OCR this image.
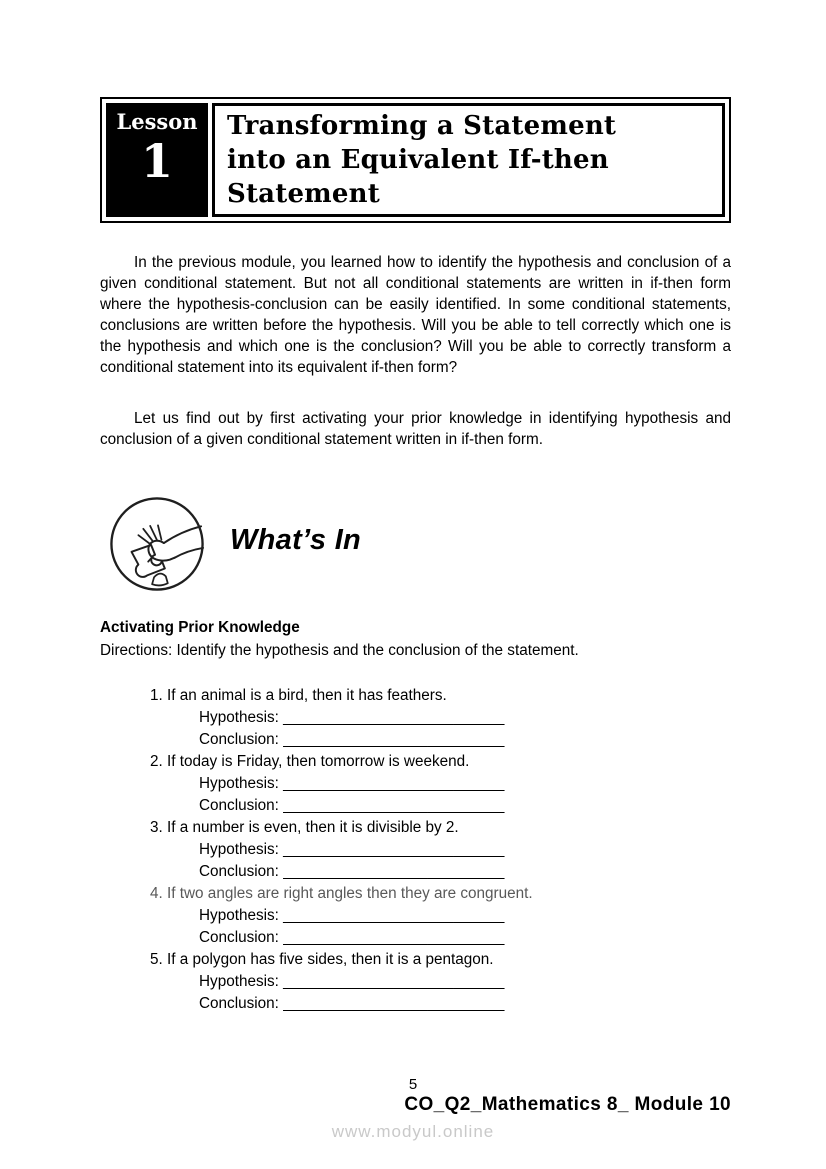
Lesson
1
Transforming a Statement
into an Equivalent If-then
Statement

In the previous module, you learned how to identify the hypothesis and conclusion of a given conditional statement. But not all conditional statements are written in if-then form where the hypothesis-conclusion can be easily identified. In some conditional statements, conclusions are written before the hypothesis. Will you be able to tell correctly which one is the hypothesis and which one is the conclusion? Will you be able to correctly transform a conditional statement into its equivalent if-then form?

Let us find out by first activating your prior knowledge in identifying hypothesis and conclusion of a given conditional statement written in if-then form.

What’s In
Activating Prior Knowledge

Directions: Identify the hypothesis and the conclusion of the statement.

1. If an animal is a bird, then it has feathers.
Hypothesis: __________________________
Conclusion: __________________________
2. If today is Friday, then tomorrow is weekend.
Hypothesis: __________________________
Conclusion: __________________________
3. If a number is even, then it is divisible by 2.
Hypothesis: __________________________
Conclusion: __________________________
4. If two angles are right angles then they are congruent.
Hypothesis: __________________________
Conclusion: __________________________
5. If a polygon has five sides, then it is a pentagon.
Hypothesis: __________________________
Conclusion: __________________________
5
CO_Q2_Mathematics 8_ Module 10
www.modyul.online
